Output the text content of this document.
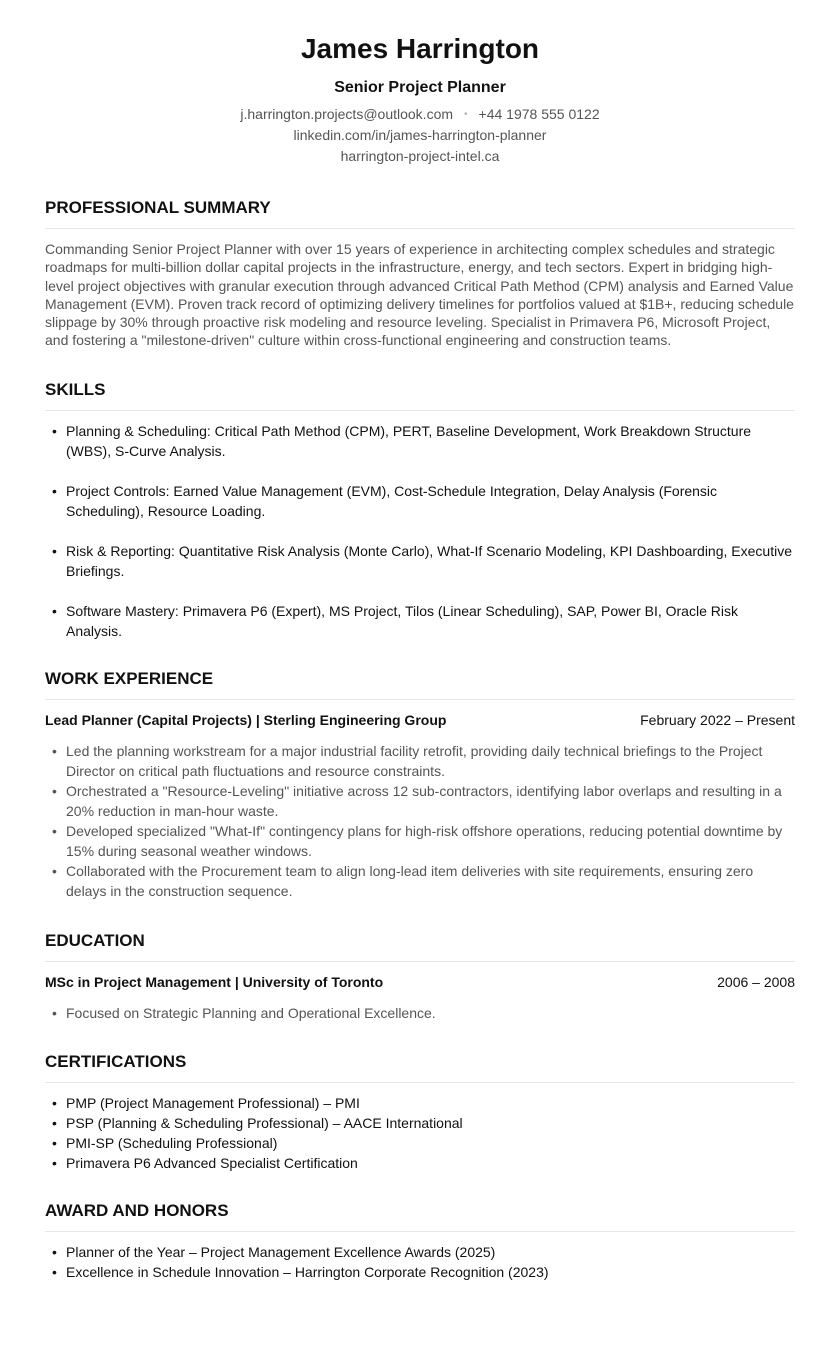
James Harrington
Senior Project Planner
j.harrington.projects@outlook.com • +44 1978 555 0122
linkedin.com/in/james-harrington-planner
harrington-project-intel.ca
PROFESSIONAL SUMMARY
Commanding Senior Project Planner with over 15 years of experience in architecting complex schedules and strategic roadmaps for multi-billion dollar capital projects in the infrastructure, energy, and tech sectors. Expert in bridging high-level project objectives with granular execution through advanced Critical Path Method (CPM) analysis and Earned Value Management (EVM). Proven track record of optimizing delivery timelines for portfolios valued at $1B+, reducing schedule slippage by 30% through proactive risk modeling and resource leveling. Specialist in Primavera P6, Microsoft Project, and fostering a "milestone-driven" culture within cross-functional engineering and construction teams.
SKILLS
• Planning & Scheduling: Critical Path Method (CPM), PERT, Baseline Development, Work Breakdown Structure (WBS), S-Curve Analysis.
• Project Controls: Earned Value Management (EVM), Cost-Schedule Integration, Delay Analysis (Forensic Scheduling), Resource Loading.
• Risk & Reporting: Quantitative Risk Analysis (Monte Carlo), What-If Scenario Modeling, KPI Dashboarding, Executive Briefings.
• Software Mastery: Primavera P6 (Expert), MS Project, Tilos (Linear Scheduling), SAP, Power BI, Oracle Risk Analysis.
WORK EXPERIENCE
Lead Planner (Capital Projects) | Sterling Engineering Group	February 2022 – Present
• Led the planning workstream for a major industrial facility retrofit, providing daily technical briefings to the Project Director on critical path fluctuations and resource constraints.
• Orchestrated a "Resource-Leveling" initiative across 12 sub-contractors, identifying labor overlaps and resulting in a 20% reduction in man-hour waste.
• Developed specialized "What-If" contingency plans for high-risk offshore operations, reducing potential downtime by 15% during seasonal weather windows.
• Collaborated with the Procurement team to align long-lead item deliveries with site requirements, ensuring zero delays in the construction sequence.
EDUCATION
MSc in Project Management | University of Toronto	2006 – 2008
• Focused on Strategic Planning and Operational Excellence.
CERTIFICATIONS
• PMP (Project Management Professional) – PMI
• PSP (Planning & Scheduling Professional) – AACE International
• PMI-SP (Scheduling Professional)
• Primavera P6 Advanced Specialist Certification
AWARD AND HONORS
• Planner of the Year – Project Management Excellence Awards (2025)
• Excellence in Schedule Innovation – Harrington Corporate Recognition (2023)
